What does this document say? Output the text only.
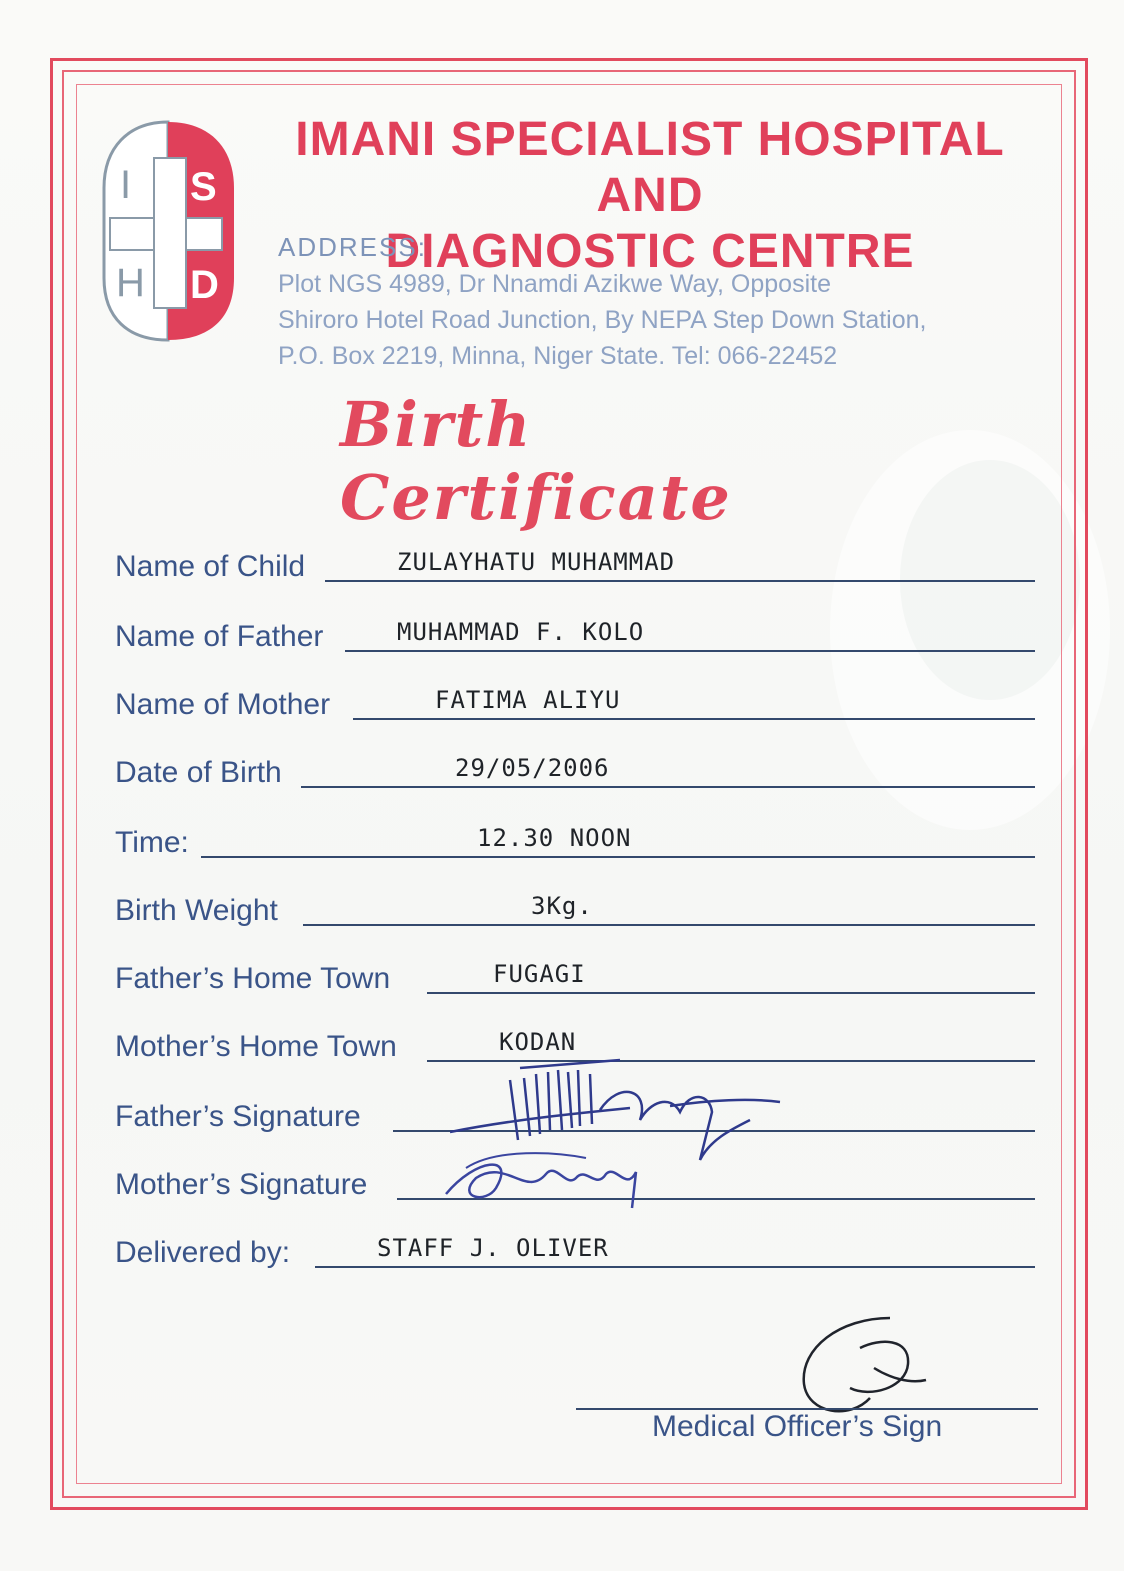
I S
H D
IMANI SPECIALIST HOSPITAL AND
DIAGNOSTIC CENTRE
ADDRESS:
Plot NGS 4989, Dr Nnamdi Azikwe Way, Opposite
Shiroro Hotel Road Junction, By NEPA Step Down Station,
P.O. Box 2219, Minna, Niger State. Tel: 066-22452
Birth Certificate
Name of Child	ZULAYHATU MUHAMMAD
Name of Father	MUHAMMAD F. KOLO
Name of Mother	FATIMA ALIYU
Date of Birth	29/05/2006
Time:	12.30 NOON
Birth Weight	3Kg.
Father’s Home Town	FUGAGI
Mother’s Home Town	KODAN
Father’s Signature
Mother’s Signature
Delivered by:	STAFF J. OLIVER
Medical Officer’s Sign
